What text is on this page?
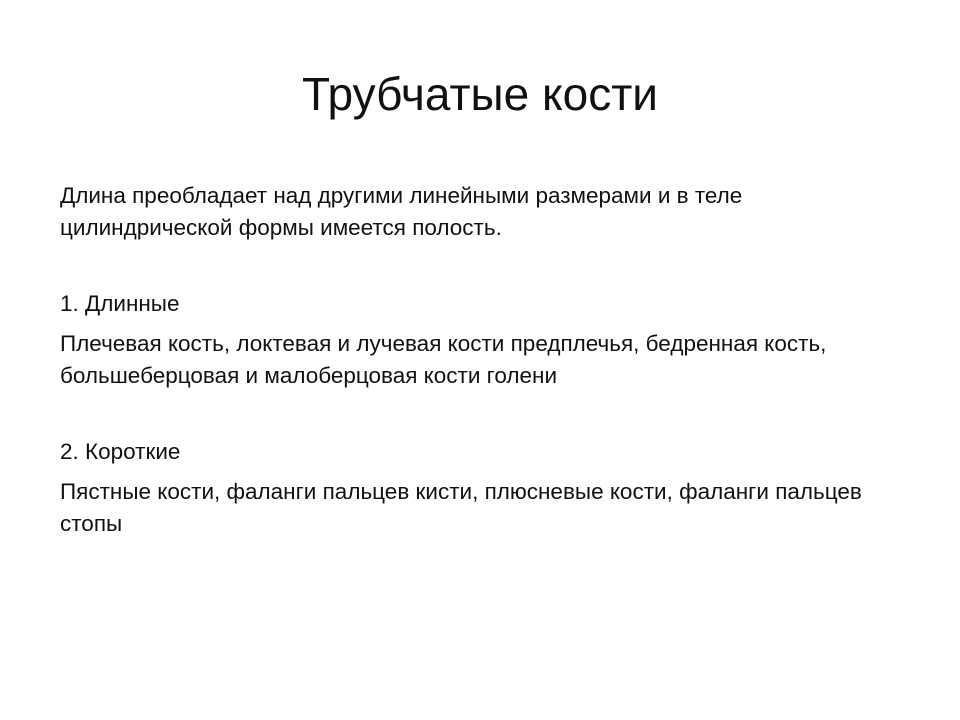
Трубчатые кости

Длина преобладает над другими линейными размерами и в теле цилиндрической формы имеется полость.

1. Длинные

Плечевая кость, локтевая и лучевая кости предплечья, бедренная кость, большеберцовая и малоберцовая кости голени

2. Короткие

Пястные кости, фаланги пальцев кисти, плюсневые кости, фаланги пальцев стопы
